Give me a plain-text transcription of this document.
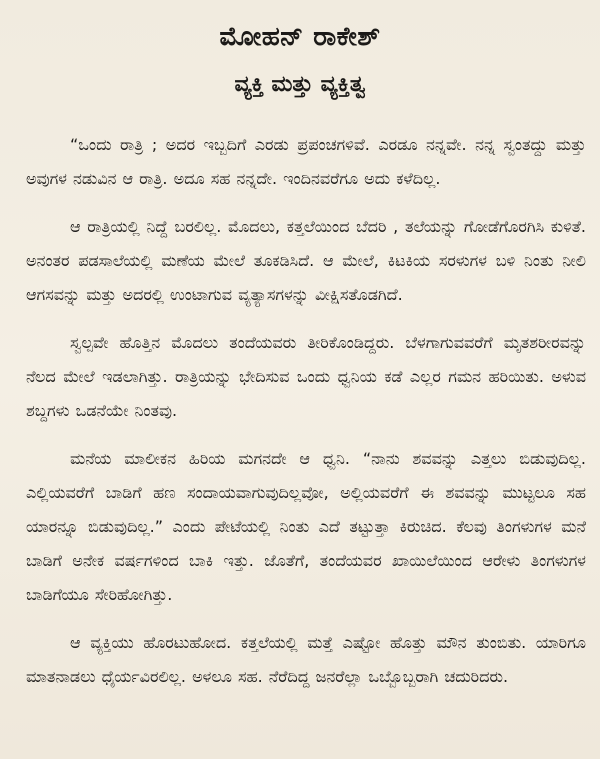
ಮೋಹನ್ ರಾಕೇಶ್
ವ್ಯಕ್ತಿ ಮತ್ತು ವ್ಯಕ್ತಿತ್ವ

“ಒಂದು ರಾತ್ರಿ ; ಅದರ ಇಬ್ಬದಿಗೆ ಎರಡು ಪ್ರಪಂಚಗಳಿವೆ. ಎರಡೂ ನನ್ನವೇ. ನನ್ನ ಸ್ವಂತದ್ದು ಮತ್ತು ಅವುಗಳ ನಡುವಿನ ಆ ರಾತ್ರಿ. ಅದೂ ಸಹ ನನ್ನದೇ. ಇಂದಿನವರೆಗೂ ಅದು ಕಳೆದಿಲ್ಲ.

ಆ ರಾತ್ರಿಯಲ್ಲಿ ನಿದ್ದೆ ಬರಲಿಲ್ಲ. ಮೊದಲು, ಕತ್ತಲೆಯಿಂದ ಬೆದರಿ , ತಲೆಯನ್ನು ಗೋಡೆಗೊರಗಿಸಿ ಕುಳಿತೆ. ಅನಂತರ ಪಡಸಾಲೆಯಲ್ಲಿ ಮಣೆಯ ಮೇಲೆ ತೂಕಡಿಸಿದೆ. ಆ ಮೇಲೆ, ಕಿಟಕಿಯ ಸರಳುಗಳ ಬಳಿ ನಿಂತು ನೀಲಿ ಆಗಸವನ್ನು ಮತ್ತು ಅದರಲ್ಲಿ ಉಂಟಾಗುವ ವ್ಯತ್ಯಾಸಗಳನ್ನು ವೀಕ್ಷಿಸತೊಡಗಿದೆ.

ಸ್ವಲ್ಪವೇ ಹೊತ್ತಿನ ಮೊದಲು ತಂದೆಯವರು ತೀರಿಕೊಂಡಿದ್ದರು. ಬೆಳಗಾಗುವವರೆಗೆ ಮೃತಶರೀರವನ್ನು ನೆಲದ ಮೇಲೆ ಇಡಲಾಗಿತ್ತು. ರಾತ್ರಿಯನ್ನು ಭೇದಿಸುವ ಒಂದು ಧ್ವನಿಯ ಕಡೆ ಎಲ್ಲರ ಗಮನ ಹರಿಯಿತು. ಅಳುವ ಶಬ್ದಗಳು ಒಡನೆಯೇ ನಿಂತವು.

ಮನೆಯ ಮಾಲೀಕನ ಹಿರಿಯ ಮಗನದೇ ಆ ಧ್ವನಿ. “ನಾನು ಶವವನ್ನು ಎತ್ತಲು ಬಿಡುವುದಿಲ್ಲ. ಎಲ್ಲಿಯವರೆಗೆ ಬಾಡಿಗೆ ಹಣ ಸಂದಾಯವಾಗುವುದಿಲ್ಲವೋ, ಅಲ್ಲಿಯವರೆಗೆ ಈ ಶವವನ್ನು ಮುಟ್ಟಲೂ ಸಹ ಯಾರನ್ನೂ ಬಿಡುವುದಿಲ್ಲ.” ಎಂದು ಪೇಟೆಯಲ್ಲಿ ನಿಂತು ಎದೆ ತಟ್ಟುತ್ತಾ ಕಿರುಚಿದ. ಕೆಲವು ತಿಂಗಳುಗಳ ಮನೆ ಬಾಡಿಗೆ ಅನೇಕ ವರ್ಷಗಳಿಂದ ಬಾಕಿ ಇತ್ತು. ಜೊತೆಗೆ, ತಂದೆಯವರ ಖಾಯಿಲೆಯಿಂದ ಆರೇಳು ತಿಂಗಳುಗಳ ಬಾಡಿಗೆಯೂ ಸೇರಿಹೋಗಿತ್ತು.

ಆ ವ್ಯಕ್ತಿಯು ಹೊರಟುಹೋದ. ಕತ್ತಲೆಯಲ್ಲಿ ಮತ್ತೆ ಎಷ್ಟೋ ಹೊತ್ತು ಮೌನ ತುಂಬಿತು. ಯಾರಿಗೂ ಮಾತನಾಡಲು ಧೈರ್ಯವಿರಲಿಲ್ಲ. ಅಳಲೂ ಸಹ. ನೆರೆದಿದ್ದ ಜನರೆಲ್ಲಾ ಒಬ್ಬೊಬ್ಬರಾಗಿ ಚದುರಿದರು.
